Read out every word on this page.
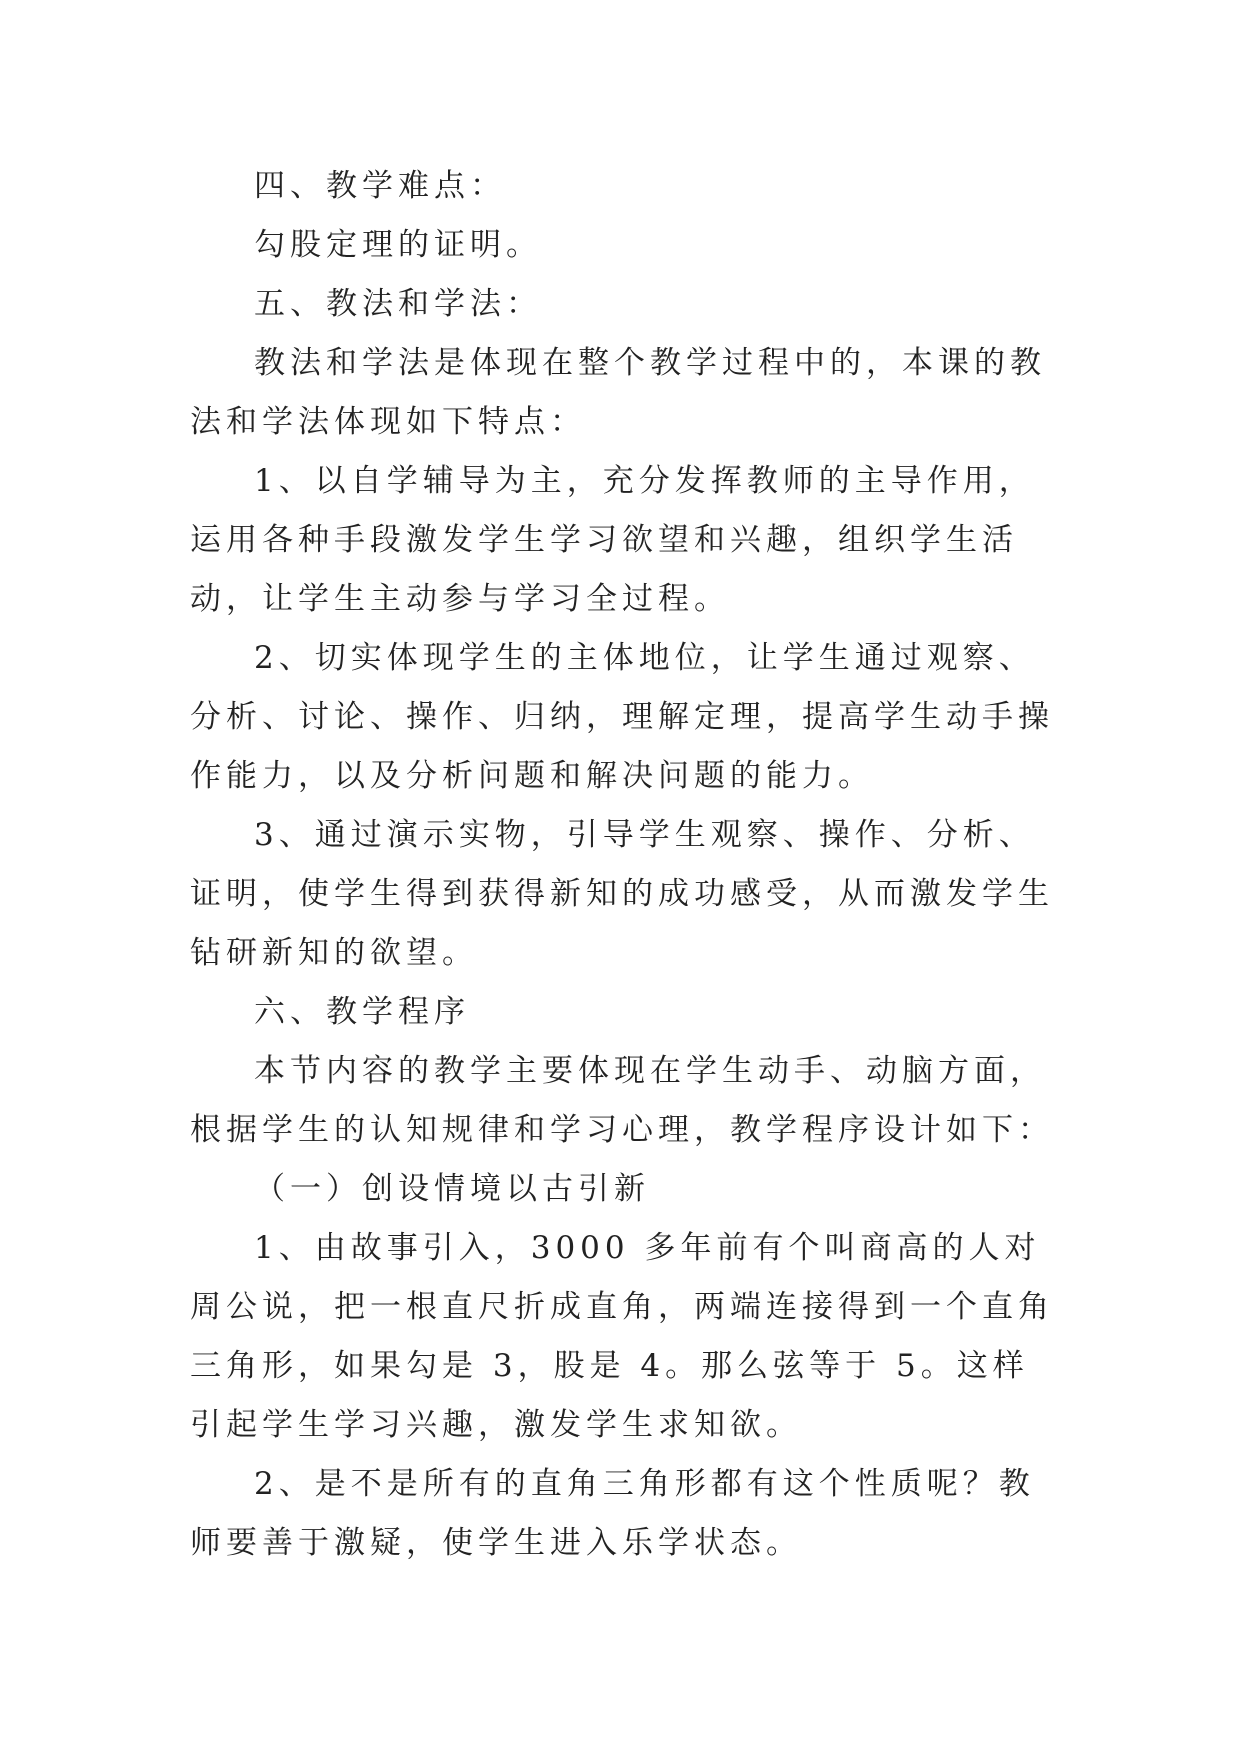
四、教学难点：

勾股定理的证明。

五、教法和学法：

教法和学法是体现在整个教学过程中的，本课的教法和学法体现如下特点：

1、以自学辅导为主，充分发挥教师的主导作用，运用各种手段激发学生学习欲望和兴趣，组织学生活动，让学生主动参与学习全过程。

2、切实体现学生的主体地位，让学生通过观察、分析、讨论、操作、归纳，理解定理，提高学生动手操作能力，以及分析问题和解决问题的能力。

3、通过演示实物，引导学生观察、操作、分析、证明，使学生得到获得新知的成功感受，从而激发学生钻研新知的欲望。

六、教学程序

本节内容的教学主要体现在学生动手、动脑方面，根据学生的认知规律和学习心理，教学程序设计如下：

（一）创设情境以古引新

1、由故事引入，3000 多年前有个叫商高的人对周公说，把一根直尺折成直角，两端连接得到一个直角三角形，如果勾是 3，股是 4。那么弦等于 5。这样引起学生学习兴趣，激发学生求知欲。

2、是不是所有的直角三角形都有这个性质呢？教师要善于激疑，使学生进入乐学状态。
